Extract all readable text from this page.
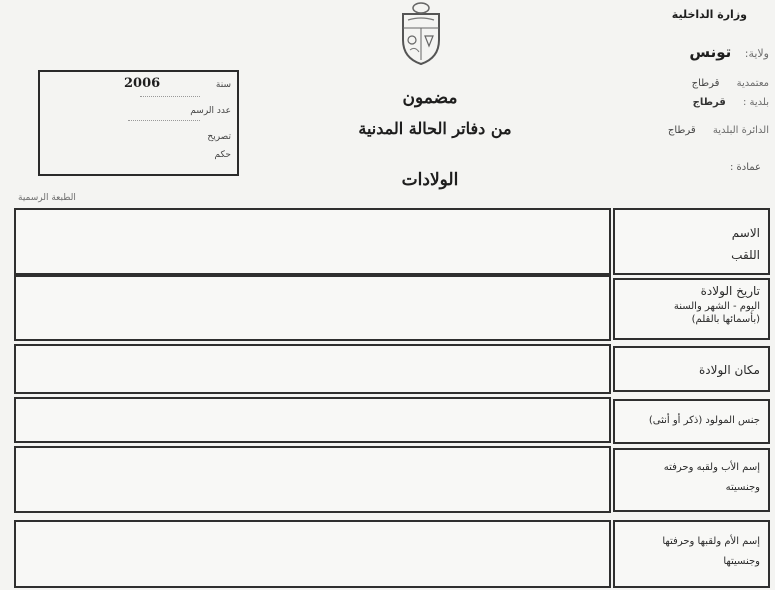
وزارة الداخلية
ولاية: تونس
معتمدية قرطاج
بلدية : قرطاج
الدائرة البلدية قرطاج
عمادة :
2006	سنة
عدد الرسم
تصريح
حكم
مضمون
من دفاتر الحالة المدنية
الولادات
الطبعة الرسمية
الاسم
اللقب
تاريخ الولادة
اليوم - الشهر والسنة
(بأسمائها بالقلم)
مكان الولادة
جنس المولود (ذكر أو أنثى)
إسم الأب ولقبه وحرفته
وجنسيته
إسم الأم ولقبها وحرفتها
وجنسيتها
